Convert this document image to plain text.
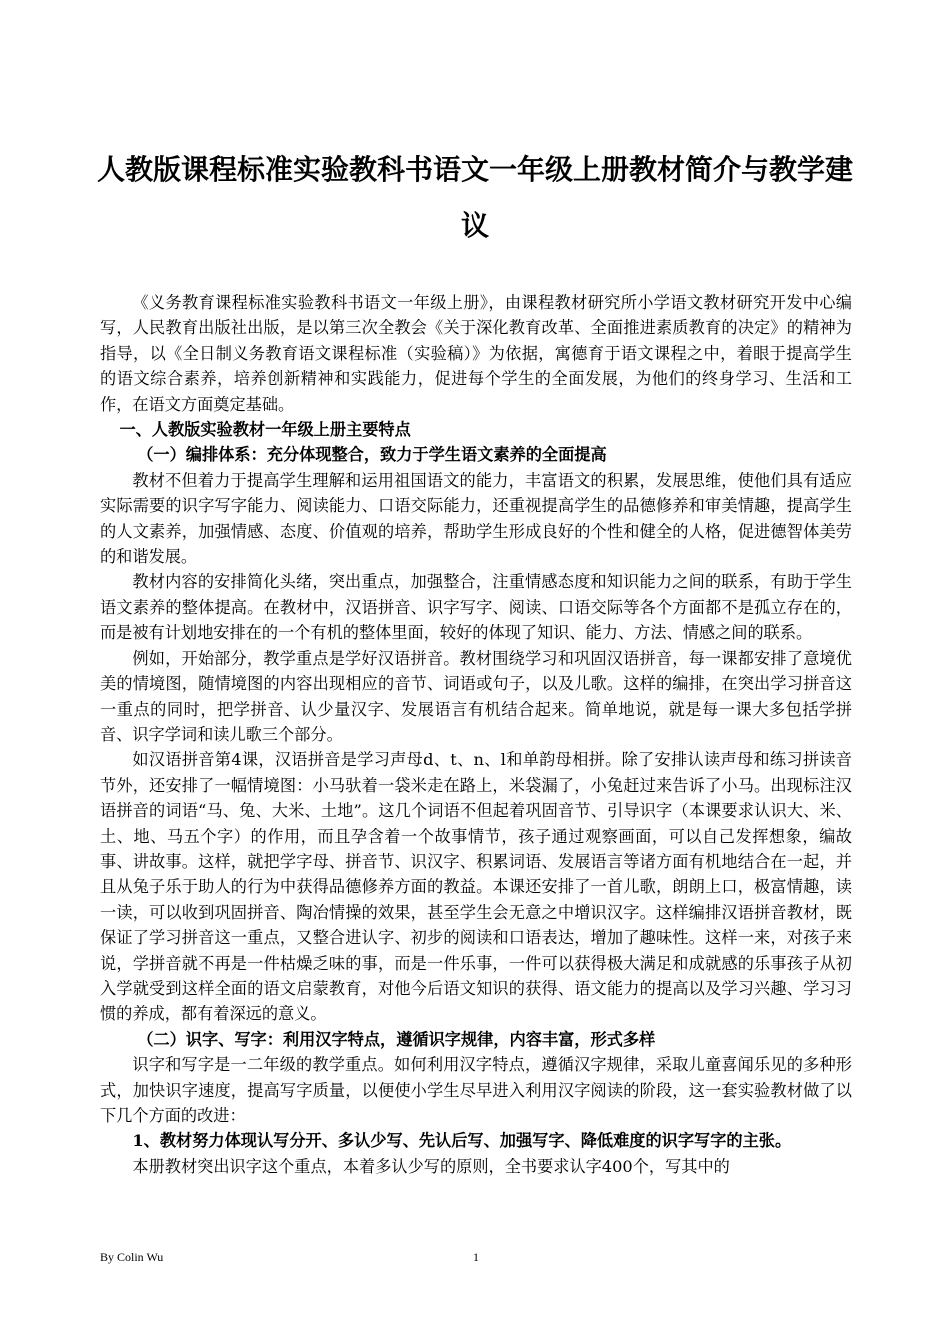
人教版课程标准实验教科书语文一年级上册教材简介与教学建议

《义务教育课程标准实验教科书语文一年级上册》，由课程教材研究所小学语文教材研究开发中心编写，人民教育出版社出版，是以第三次全教会《关于深化教育改革、全面推进素质教育的决定》的精神为指导，以《全日制义务教育语文课程标准（实验稿）》为依据，寓德育于语文课程之中，着眼于提高学生的语文综合素养，培养创新精神和实践能力，促进每个学生的全面发展，为他们的终身学习、生活和工作，在语文方面奠定基础。

一、人教版实验教材一年级上册主要特点

（一）编排体系：充分体现整合，致力于学生语文素养的全面提高

教材不但着力于提高学生理解和运用祖国语文的能力，丰富语文的积累，发展思维，使他们具有适应实际需要的识字写字能力、阅读能力、口语交际能力，还重视提高学生的品德修养和审美情趣，提高学生的人文素养，加强情感、态度、价值观的培养，帮助学生形成良好的个性和健全的人格，促进德智体美劳的和谐发展。

教材内容的安排简化头绪，突出重点，加强整合，注重情感态度和知识能力之间的联系，有助于学生语文素养的整体提高。在教材中，汉语拼音、识字写字、阅读、口语交际等各个方面都不是孤立存在的，而是被有计划地安排在的一个有机的整体里面，较好的体现了知识、能力、方法、情感之间的联系。

例如，开始部分，教学重点是学好汉语拼音。教材围绕学习和巩固汉语拼音，每一课都安排了意境优美的情境图，随情境图的内容出现相应的音节、词语或句子，以及儿歌。这样的编排，在突出学习拼音这一重点的同时，把学拼音、认少量汉字、发展语言有机结合起来。简单地说，就是每一课大多包括学拼音、识字学词和读儿歌三个部分。

如汉语拼音第4课，汉语拼音是学习声母d、t、n、l和单韵母相拼。除了安排认读声母和练习拼读音节外，还安排了一幅情境图：小马驮着一袋米走在路上，米袋漏了，小兔赶过来告诉了小马。出现标注汉语拼音的词语“马、兔、大米、土地”。这几个词语不但起着巩固音节、引导识字（本课要求认识大、米、土、地、马五个字）的作用，而且孕含着一个故事情节，孩子通过观察画面，可以自己发挥想象，编故事、讲故事。这样，就把学字母、拼音节、识汉字、积累词语、发展语言等诸方面有机地结合在一起，并且从兔子乐于助人的行为中获得品德修养方面的教益。本课还安排了一首儿歌，朗朗上口，极富情趣，读一读，可以收到巩固拼音、陶冶情操的效果，甚至学生会无意之中增识汉字。这样编排汉语拼音教材，既保证了学习拼音这一重点，又整合进认字、初步的阅读和口语表达，增加了趣味性。这样一来，对孩子来说，学拼音就不再是一件枯燥乏味的事，而是一件乐事，一件可以获得极大满足和成就感的乐事孩子从初入学就受到这样全面的语文启蒙教育，对他今后语文知识的获得、语文能力的提高以及学习兴趣、学习习惯的养成，都有着深远的意义。

（二）识字、写字：利用汉字特点，遵循识字规律，内容丰富，形式多样

识字和写字是一二年级的教学重点。如何利用汉字特点，遵循汉字规律，采取儿童喜闻乐见的多种形式，加快识字速度，提高写字质量，以便使小学生尽早进入利用汉字阅读的阶段，这一套实验教材做了以下几个方面的改进：

1、教材努力体现认写分开、多认少写、先认后写、加强写字、降低难度的识字写字的主张。

本册教材突出识字这个重点，本着多认少写的原则，全书要求认字400个，写其中的

By Colin Wu	1
